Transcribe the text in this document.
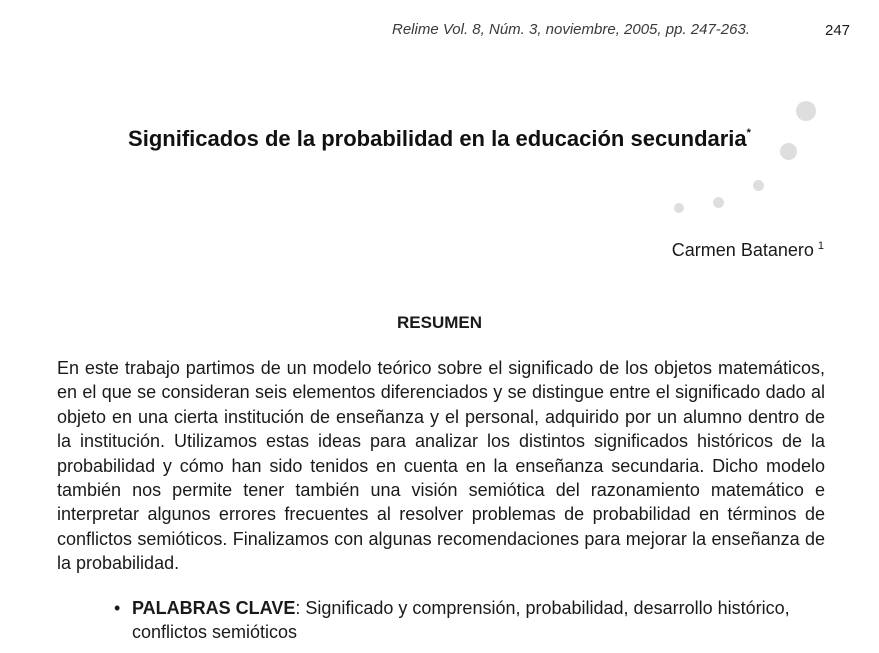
Relime Vol. 8, Núm. 3, noviembre, 2005, pp. 247-263.	247
Significados de la probabilidad en la educación secundaria*
Carmen Batanero $^1$
RESUMEN

En este trabajo partimos de un modelo teórico sobre el significado de los objetos matemáticos, en el que se consideran seis elementos diferenciados y se distingue entre el significado dado al objeto en una cierta institución de enseñanza y el personal, adquirido por un alumno dentro de la institución. Utilizamos estas ideas para analizar los distintos significados históricos de la probabilidad y cómo han sido tenidos en cuenta en la enseñanza secundaria. Dicho modelo también nos permite tener también una visión semiótica del razonamiento matemático e interpretar algunos errores frecuentes al resolver problemas de probabilidad en términos de conflictos semióticos. Finalizamos con algunas recomendaciones para mejorar la enseñanza de la probabilidad.

• PALABRAS CLAVE: Significado y comprensión, probabilidad, desarrollo histórico, conflictos semióticos
